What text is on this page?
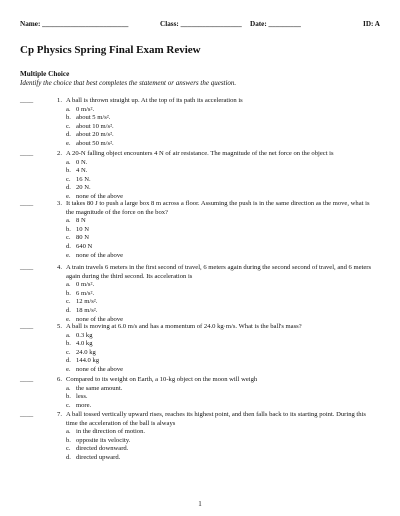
Name: ________________________	Class: _________________ Date: _________	ID: A
Cp Physics Spring Final Exam Review
Multiple Choice
Identify the choice that best completes the statement or answers the question.
____	1. A ball is thrown straight up. At the top of its path its acceleration is
a. 0 m/s².
b. about 5 m/s².
c. about 10 m/s².
d. about 20 m/s².
e. about 50 m/s².
____	2. A 20-N falling object encounters 4 N of air resistance. The magnitude of the net force on the object is
a. 0 N.
b. 4 N.
c. 16 N.
d. 20 N.
e. none of the above
____	3. It takes 80 J to push a large box 8 m across a floor. Assuming the push is in the same direction as the move, what is the magnitude of the force on the box?
a. 8 N
b. 10 N
c. 80 N
d. 640 N
e. none of the above
____	4. A train travels 6 meters in the first second of travel, 6 meters again during the second second of travel, and 6 meters again during the third second. Its acceleration is
a. 0 m/s².
b. 6 m/s².
c. 12 m/s².
d. 18 m/s².
e. none of the above
____	5. A ball is moving at 6.0 m/s and has a momentum of 24.0 kg·m/s. What is the ball's mass?
a. 0.3 kg
b. 4.0 kg
c. 24.0 kg
d. 144.0 kg
e. none of the above
____	6. Compared to its weight on Earth, a 10-kg object on the moon will weigh
a. the same amount.
b. less.
c. more.
____	7. A ball tossed vertically upward rises, reaches its highest point, and then falls back to its starting point. During this time the acceleration of the ball is always
a. in the direction of motion.
b. opposite its velocity.
c. directed downward.
d. directed upward.
1
